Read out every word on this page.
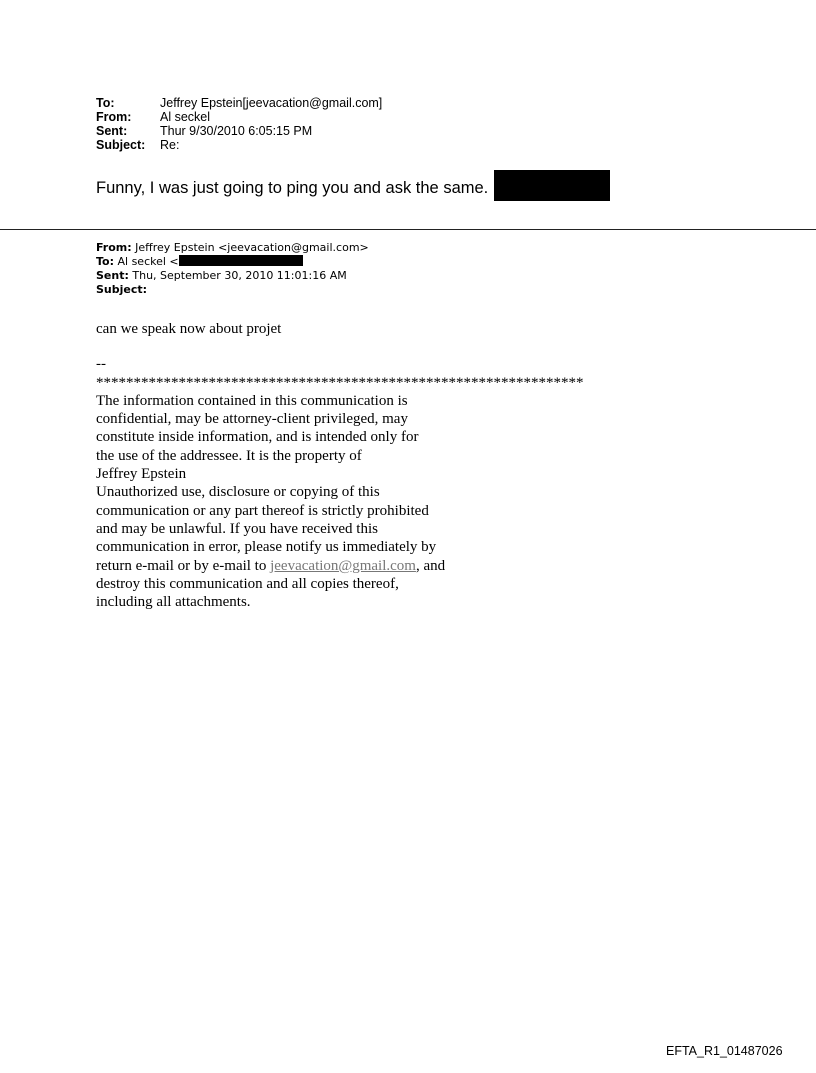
To:	Jeffrey Epstein[jeevacation@gmail.com]
From:	Al seckel
Sent:	Thur 9/30/2010 6:05:15 PM
Subject:	Re:
Funny, I was just going to ping you and ask the same.
From: Jeffrey Epstein <jeevacation@gmail.com>
To: Al seckel <
Sent: Thu, September 30, 2010 11:01:16 AM
Subject:

can we speak now about projet

--

*****************************************************************

The information contained in this communication is

confidential, may be attorney-client privileged, may

constitute inside information, and is intended only for

the use of the addressee. It is the property of

Jeffrey Epstein

Unauthorized use, disclosure or copying of this

communication or any part thereof is strictly prohibited

and may be unlawful. If you have received this

communication in error, please notify us immediately by

return e-mail or by e-mail to jeevacation@gmail.com, and

destroy this communication and all copies thereof,

including all attachments.

EFTA_R1_01487026
